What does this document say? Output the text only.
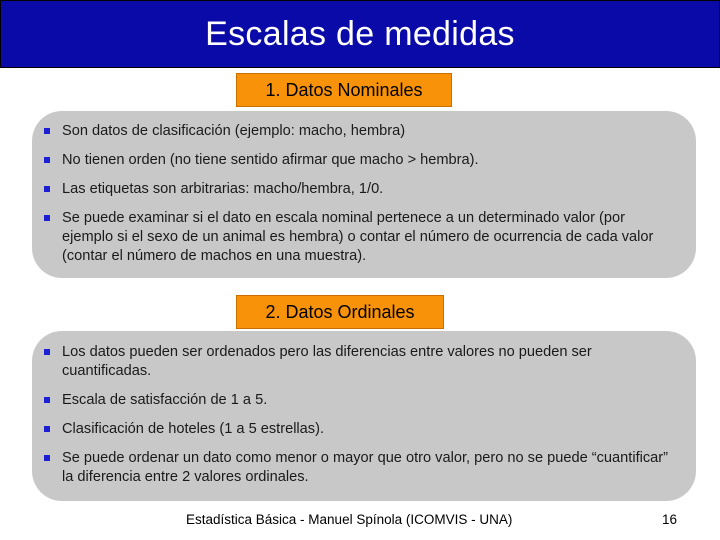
Escalas de medidas
1. Datos Nominales
Son datos de clasificación (ejemplo: macho, hembra)
No tienen orden (no tiene sentido afirmar que macho > hembra).
Las etiquetas son arbitrarias: macho/hembra, 1/0.
Se puede examinar si el dato en escala nominal pertenece a un determinado valor (por ejemplo si el sexo de un animal es hembra) o contar el número de ocurrencia de cada valor (contar el número de machos en una muestra).
2. Datos Ordinales
Los datos pueden ser ordenados pero las diferencias entre valores no pueden ser cuantificadas.
Escala de satisfacción de 1 a 5.
Clasificación de hoteles (1 a 5 estrellas).
Se puede ordenar un dato como menor o mayor que otro valor, pero no se puede “cuantificar” la diferencia entre 2 valores ordinales.
Estadística Básica - Manuel Spínola (ICOMVIS - UNA)	16
